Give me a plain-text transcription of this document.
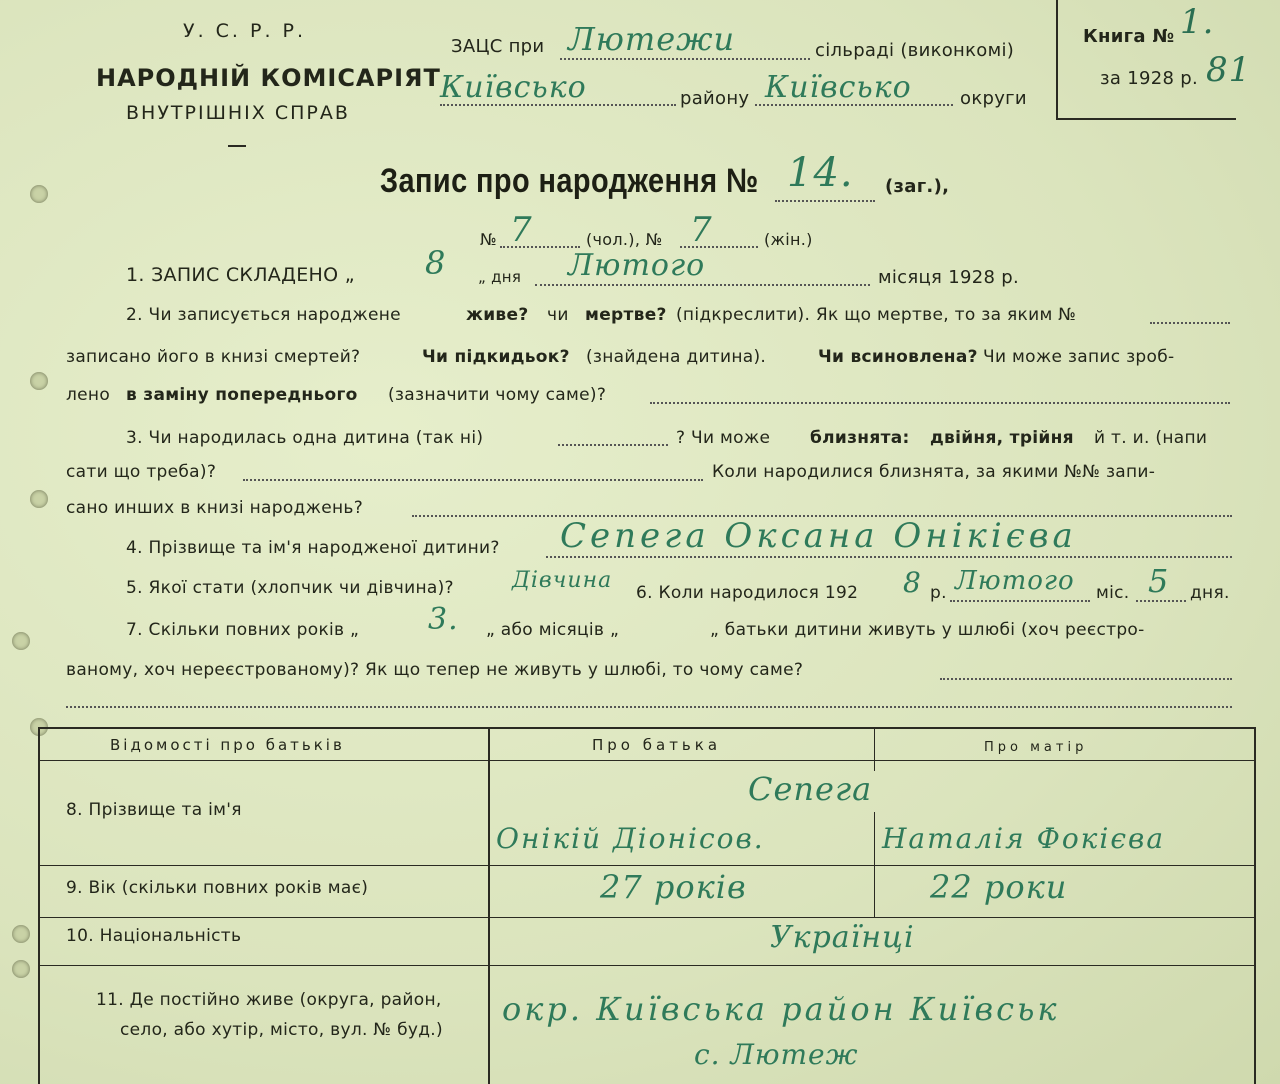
У. С. Р. Р.
НАРОДНІЙ КОМІСАРІЯТ
ВНУТРІШНІХ СПРАВ
ЗАЦС при Лютежи	сільраді (виконкомі)
Київсько	району Київсько	округи
Книга № 1.
за 1928 р. 81
Запис про народження № 14. (заг.),
№ 7	(чол.), № 7	(жін.)
1. ЗАПИС СКЛАДЕНО „ 8 „ дня Лютого	місяця 1928 р.
2. Чи записується народжене	живе? чи мертве? (підкреслити). Як що мертве, то за яким №
записано його в книзі смертей?	Чи підкидьок? (знайдена дитина).	Чи всиновлена? Чи може запис зроб-
лено в заміну попереднього (зазначити чому саме)?
3. Чи народилась одна дитина (так ні)	? Чи може близнята: двійня, трійня й т. и. (напи
сати що треба)?	Коли народилися близнята, за якими №№ запи-
сано инших в книзі народжень?
4. Прізвище та ім'я народженої дитини? Сепега Оксана Онікієва
5. Якої стати (хлопчик чи дівчина)?	Дівчина 6. Коли народилося 192 8 р. Лютого міс. 5 дня.
7. Скільки повних років „ 3. „ або місяців „	„ батьки дитини живуть у шлюбі (хоч реєстро-
ваному, хоч нереєстрованому)? Як що тепер не живуть у шлюбі, то чому саме?
Відомості про батьків	Про батька	Про матір
8. Прізвище та ім'я
Сепега
Онікій Діонісов.	Наталія Фокієва
9. Вік (скільки повних років має)	27 років	22 роки
10. Національність	Українці
11. Де постійно живе (округа, район,
село, або хутір, місто, вул. № буд.)
окр. Київська район Київськ
с. Лютеж
